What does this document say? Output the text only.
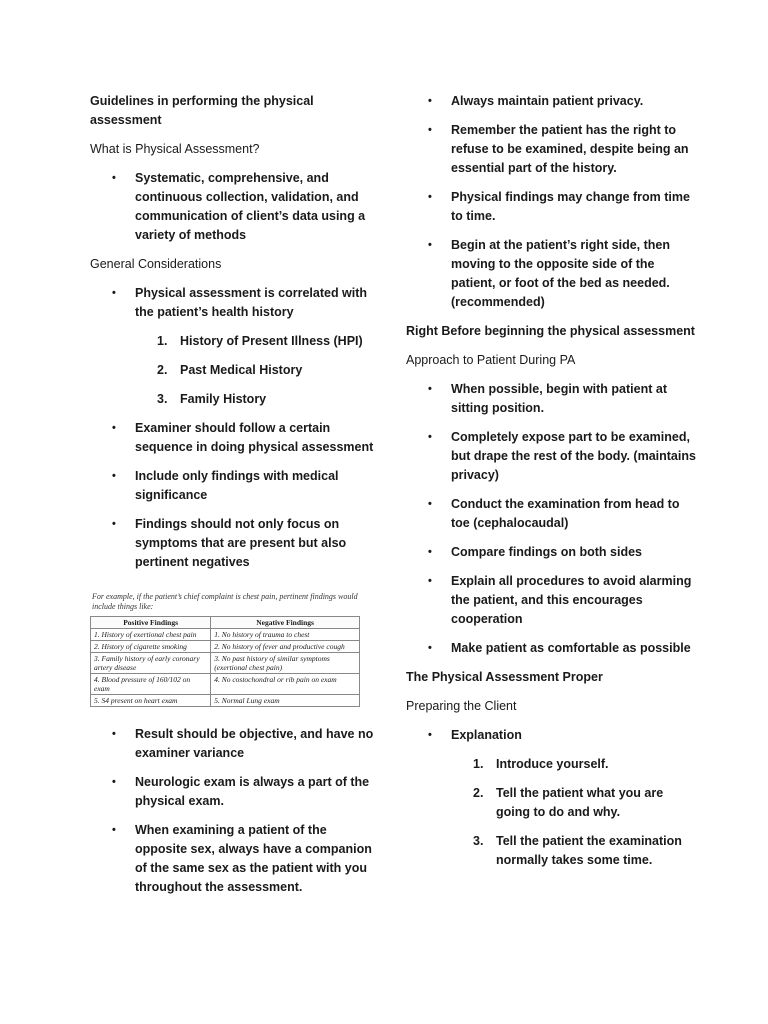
Guidelines in performing the physical assessment

What is Physical Assessment?

• Systematic, comprehensive, and continuous collection, validation, and communication of client’s data using a variety of methods

General Considerations

• Physical assessment is correlated with the patient’s health history
1. History of Present Illness (HPI)
2. Past Medical History
3. Family History
• Examiner should follow a certain sequence in doing physical assessment
• Include only findings with medical significance
• Findings should not only focus on symptoms that are present but also pertinent negatives
For example, if the patient’s chief complaint is chest pain, pertinent findings would include things like:
Positive Findings	Negative Findings
1. History of exertional chest pain	1. No history of trauma to chest
2. History of cigarette smoking	2. No history of fever and productive cough
3. Family history of early coronary artery disease	3. No past history of similar symptoms (exertional chest pain)
4. Blood pressure of 160/102 on exam	4. No costochondral or rib pain on exam
5. S4 present on heart exam	5. Normal Lung exam
• Result should be objective, and have no examiner variance
• Neurologic exam is always a part of the physical exam.
• When examining a patient of the opposite sex, always have a companion of the same sex as the patient with you throughout the assessment.
• Always maintain patient privacy.
• Remember the patient has the right to refuse to be examined, despite being an essential part of the history.
• Physical findings may change from time to time.
• Begin at the patient’s right side, then moving to the opposite side of the patient, or foot of the bed as needed. (recommended)

Right Before beginning the physical assessment

Approach to Patient During PA

• When possible, begin with patient at sitting position.
• Completely expose part to be examined, but drape the rest of the body. (maintains privacy)
• Conduct the examination from head to toe (cephalocaudal)
• Compare findings on both sides
• Explain all procedures to avoid alarming the patient, and this encourages cooperation
• Make patient as comfortable as possible

The Physical Assessment Proper

Preparing the Client

• Explanation
1. Introduce yourself.
2. Tell the patient what you are going to do and why.
3. Tell the patient the examination normally takes some time.
